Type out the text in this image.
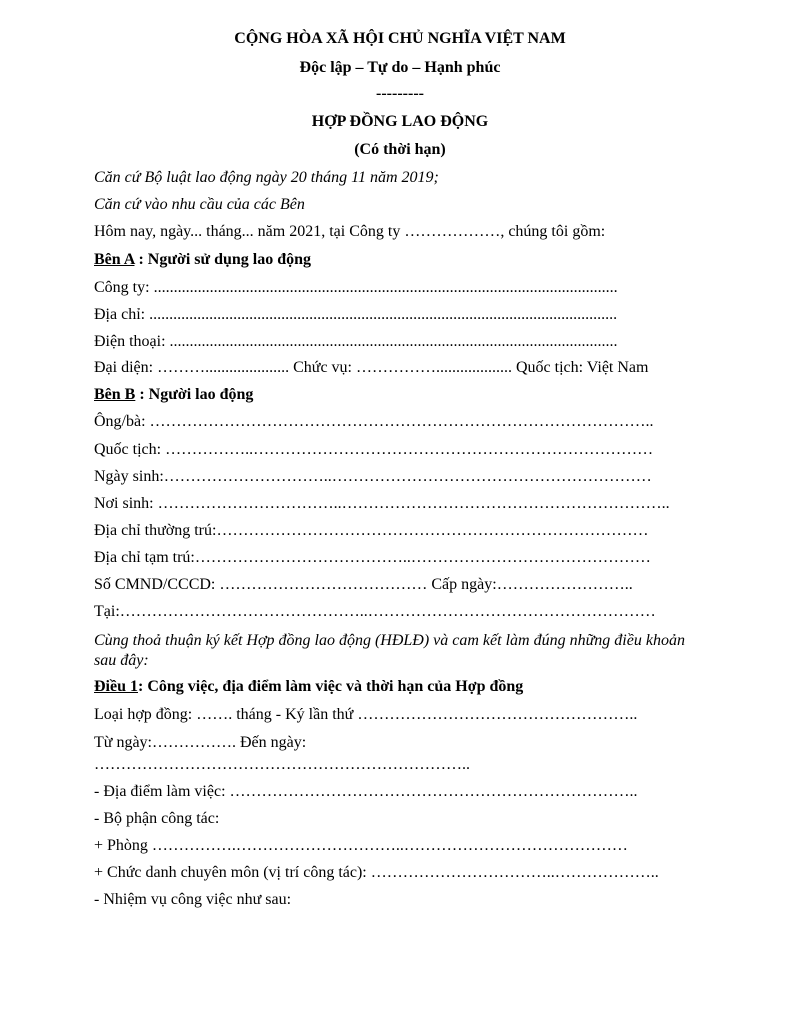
CỘNG HÒA XÃ HỘI CHỦ NGHĨA VIỆT NAM
Độc lập – Tự do – Hạnh phúc
---------
HỢP ĐỒNG LAO ĐỘNG
(Có thời hạn)
Căn cứ Bộ luật lao động ngày 20 tháng 11 năm 2019;
Căn cứ vào nhu cầu của các Bên
Hôm nay, ngày... tháng... năm 2021, tại Công ty ………………, chúng tôi gồm:
Bên A : Người sử dụng lao động
Công ty: ....................................................................................................................
Địa chỉ: .....................................................................................................................
Điện thoại: ................................................................................................................
Đại diện: ………..................... Chức vụ: ……………................... Quốc tịch: Việt Nam
Bên B : Người lao động
Ông/bà: …………………………………………………………………………………..
Quốc tịch: ……………..…………………………………………………………………
Ngày sinh:…………………………..……………………………………………………
Nơi sinh: ……………………………..……………………………………………………..
Địa chỉ thường trú:………………………………………………………………………
Địa chỉ tạm trú:…………………………………..………………………………………
Số CMND/CCCD: ………………………………… Cấp ngày:……………………..
Tại:………………………………………..………………………………………………
Cùng thoả thuận ký kết Hợp đồng lao động (HĐLĐ) và cam kết làm đúng những điều khoản sau đây:
Điều 1: Công việc, địa điểm làm việc và thời hạn của Hợp đồng
Loại hợp đồng: ……. tháng - Ký lần thứ ……………………………………………..
Từ ngày:……………. Đến ngày:
……………………………………………………………..
- Địa điểm làm việc: …………………………………………………………………..
- Bộ phận công tác:
+ Phòng …………….…………………………..……………………………………
+ Chức danh chuyên môn (vị trí công tác): ……………………………..………………..
- Nhiệm vụ công việc như sau:
